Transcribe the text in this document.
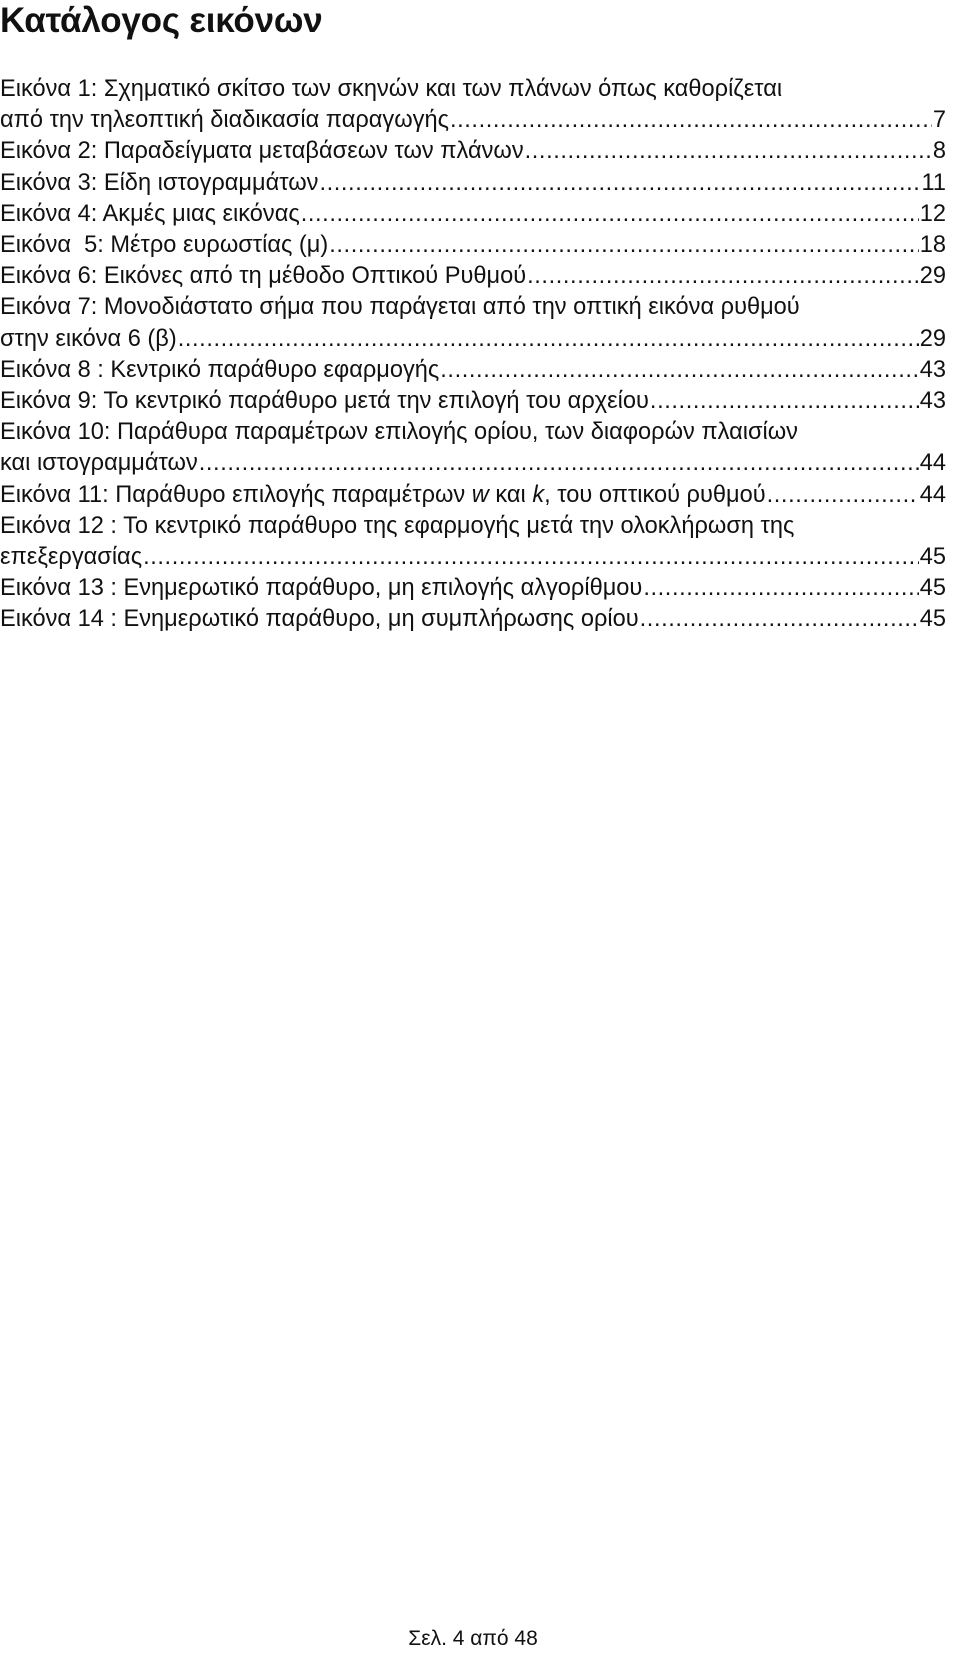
Κατάλογος εικόνων
Εικόνα 1: Σχηματικό σκίτσο των σκηνών και των πλάνων όπως καθορίζεται
από την τηλεοπτική διαδικασία παραγωγής .....	7
Εικόνα 2: Παραδείγματα μεταβάσεων των πλάνων .....	8
Εικόνα 3: Είδη ιστογραμμάτων .....	11
Εικόνα 4: Ακμές μιας εικόνας .....	12
Εικόνα  5: Μέτρο ευρωστίας (μ) .....	18
Εικόνα 6: Εικόνες από τη μέθοδο Οπτικού Ρυθμού .....	29
Εικόνα 7: Μονοδιάστατο σήμα που παράγεται από την οπτική εικόνα ρυθμού
στην εικόνα 6 (β) .....	29
Εικόνα 8 : Κεντρικό παράθυρο εφαρμογής .....	43
Εικόνα 9: Το κεντρικό παράθυρο μετά την επιλογή του αρχείου .....	43
Εικόνα 10: Παράθυρα παραμέτρων επιλογής ορίου, των διαφορών πλαισίων
και ιστογραμμάτων .....	44
Εικόνα 11: Παράθυρο επιλογής παραμέτρων w και k, του οπτικού ρυθμού .....	44
Εικόνα 12 : Το κεντρικό παράθυρο της εφαρμογής μετά την ολοκλήρωση της
επεξεργασίας .....	45
Εικόνα 13 : Ενημερωτικό παράθυρο, μη επιλογής αλγορίθμου .....	45
Εικόνα 14 : Ενημερωτικό παράθυρο, μη συμπλήρωσης ορίου .....	45
Σελ. 4 από 48
